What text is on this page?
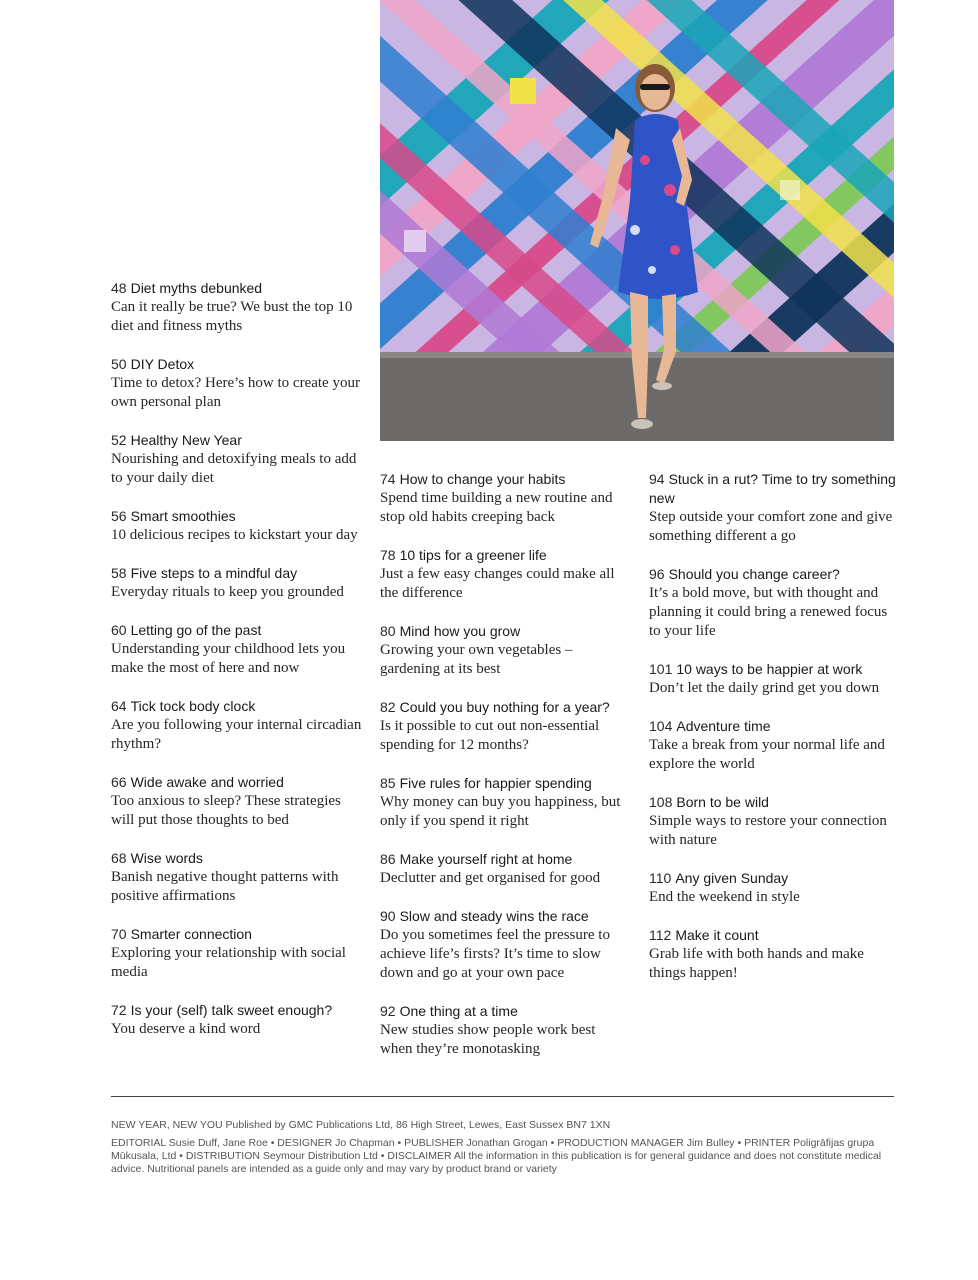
48 Diet myths debunked
Can it really be true? We bust the top 10 diet and fitness myths
50 DIY Detox
Time to detox? Here’s how to create your own personal plan
52 Healthy New Year
Nourishing and detoxifying meals to add to your daily diet
56 Smart smoothies
10 delicious recipes to kickstart your day
58 Five steps to a mindful day
Everyday rituals to keep you grounded
60 Letting go of the past
Understanding your childhood lets you make the most of here and now
64 Tick tock body clock
Are you following your internal circadian rhythm?
66 Wide awake and worried
Too anxious to sleep? These strategies will put those thoughts to bed
68 Wise words
Banish negative thought patterns with positive affirmations
70 Smarter connection
Exploring your relationship with social media
72 Is your (self) talk sweet enough?
You deserve a kind word
74 How to change your habits
Spend time building a new routine and stop old habits creeping back
78 10 tips for a greener life
Just a few easy changes could make all the difference
80 Mind how you grow
Growing your own vegetables – gardening at its best
82 Could you buy nothing for a year?
Is it possible to cut out non-essential spending for 12 months?
85 Five rules for happier spending
Why money can buy you happiness, but only if you spend it right
86 Make yourself right at home
Declutter and get organised for good
90 Slow and steady wins the race
Do you sometimes feel the pressure to achieve life’s firsts? It’s time to slow down and go at your own pace
92 One thing at a time
New studies show people work best when they’re monotasking
94 Stuck in a rut? Time to try something new
Step outside your comfort zone and give something different a go
96 Should you change career?
It’s a bold move, but with thought and planning it could bring a renewed focus to your life
101 10 ways to be happier at work
Don’t let the daily grind get you down
104 Adventure time
Take a break from your normal life and explore the world
108 Born to be wild
Simple ways to restore your connection with nature
110 Any given Sunday
End the weekend in style
112 Make it count
Grab life with both hands and make things happen!

NEW YEAR, NEW YOU Published by GMC Publications Ltd, 86 High Street, Lewes, East Sussex BN7 1XN

EDITORIAL Susie Duff, Jane Roe • DESIGNER Jo Chapman • PUBLISHER Jonathan Grogan • PRODUCTION MANAGER Jim Bulley • PRINTER Poligrāfijas grupa Mūkusala, Ltd • DISTRIBUTION Seymour Distribution Ltd • DISCLAIMER All the information in this publication is for general guidance and does not constitute medical advice. Nutritional panels are intended as a guide only and may vary by product brand or variety
